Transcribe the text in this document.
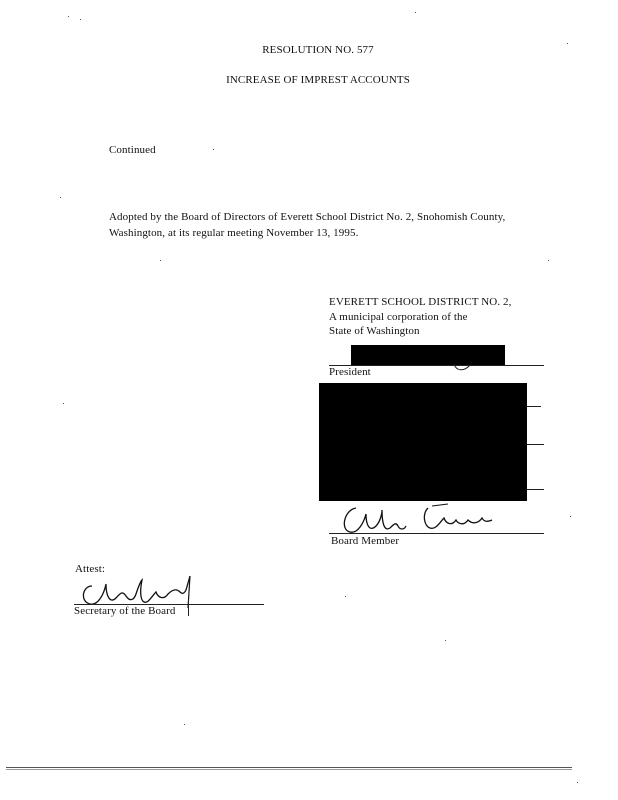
RESOLUTION NO. 577
INCREASE OF IMPREST ACCOUNTS
Continued
Adopted by the Board of Directors of Everett School District No. 2, Snohomish County,
Washington, at its regular meeting November 13, 1995.
EVERETT SCHOOL DISTRICT NO. 2,
A municipal corporation of the
State of Washington
President
Board Member
Attest:
Secretary of the Board
